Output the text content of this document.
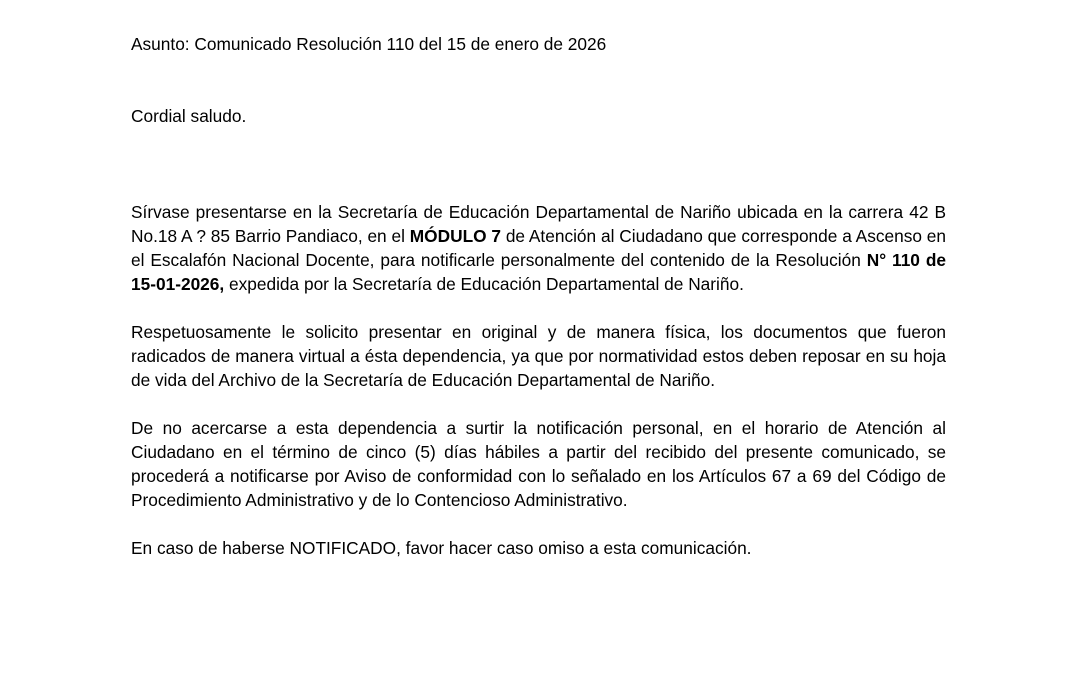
Asunto: Comunicado Resolución 110 del 15 de enero de 2026

Cordial saludo.

Sírvase presentarse en la Secretaría de Educación Departamental de Nariño ubicada en la carrera 42 B No.18 A ? 85 Barrio Pandiaco, en el MÓDULO 7 de Atención al Ciudadano que corresponde a Ascenso en el Escalafón Nacional Docente, para notificarle personalmente del contenido de la Resolución N° 110 de 15-01-2026, expedida por la Secretaría de Educación Departamental de Nariño.

Respetuosamente le solicito presentar en original y de manera física, los documentos que fueron radicados de manera virtual a ésta dependencia, ya que por normatividad estos deben reposar en su hoja de vida del Archivo de la Secretaría de Educación Departamental de Nariño.

De no acercarse a esta dependencia a surtir la notificación personal, en el horario de Atención al Ciudadano en el término de cinco (5) días hábiles a partir del recibido del presente comunicado, se procederá a notificarse por Aviso de conformidad con lo señalado en los Artículos 67 a 69 del Código de Procedimiento Administrativo y de lo Contencioso Administrativo.

En caso de haberse NOTIFICADO, favor hacer caso omiso a esta comunicación.
